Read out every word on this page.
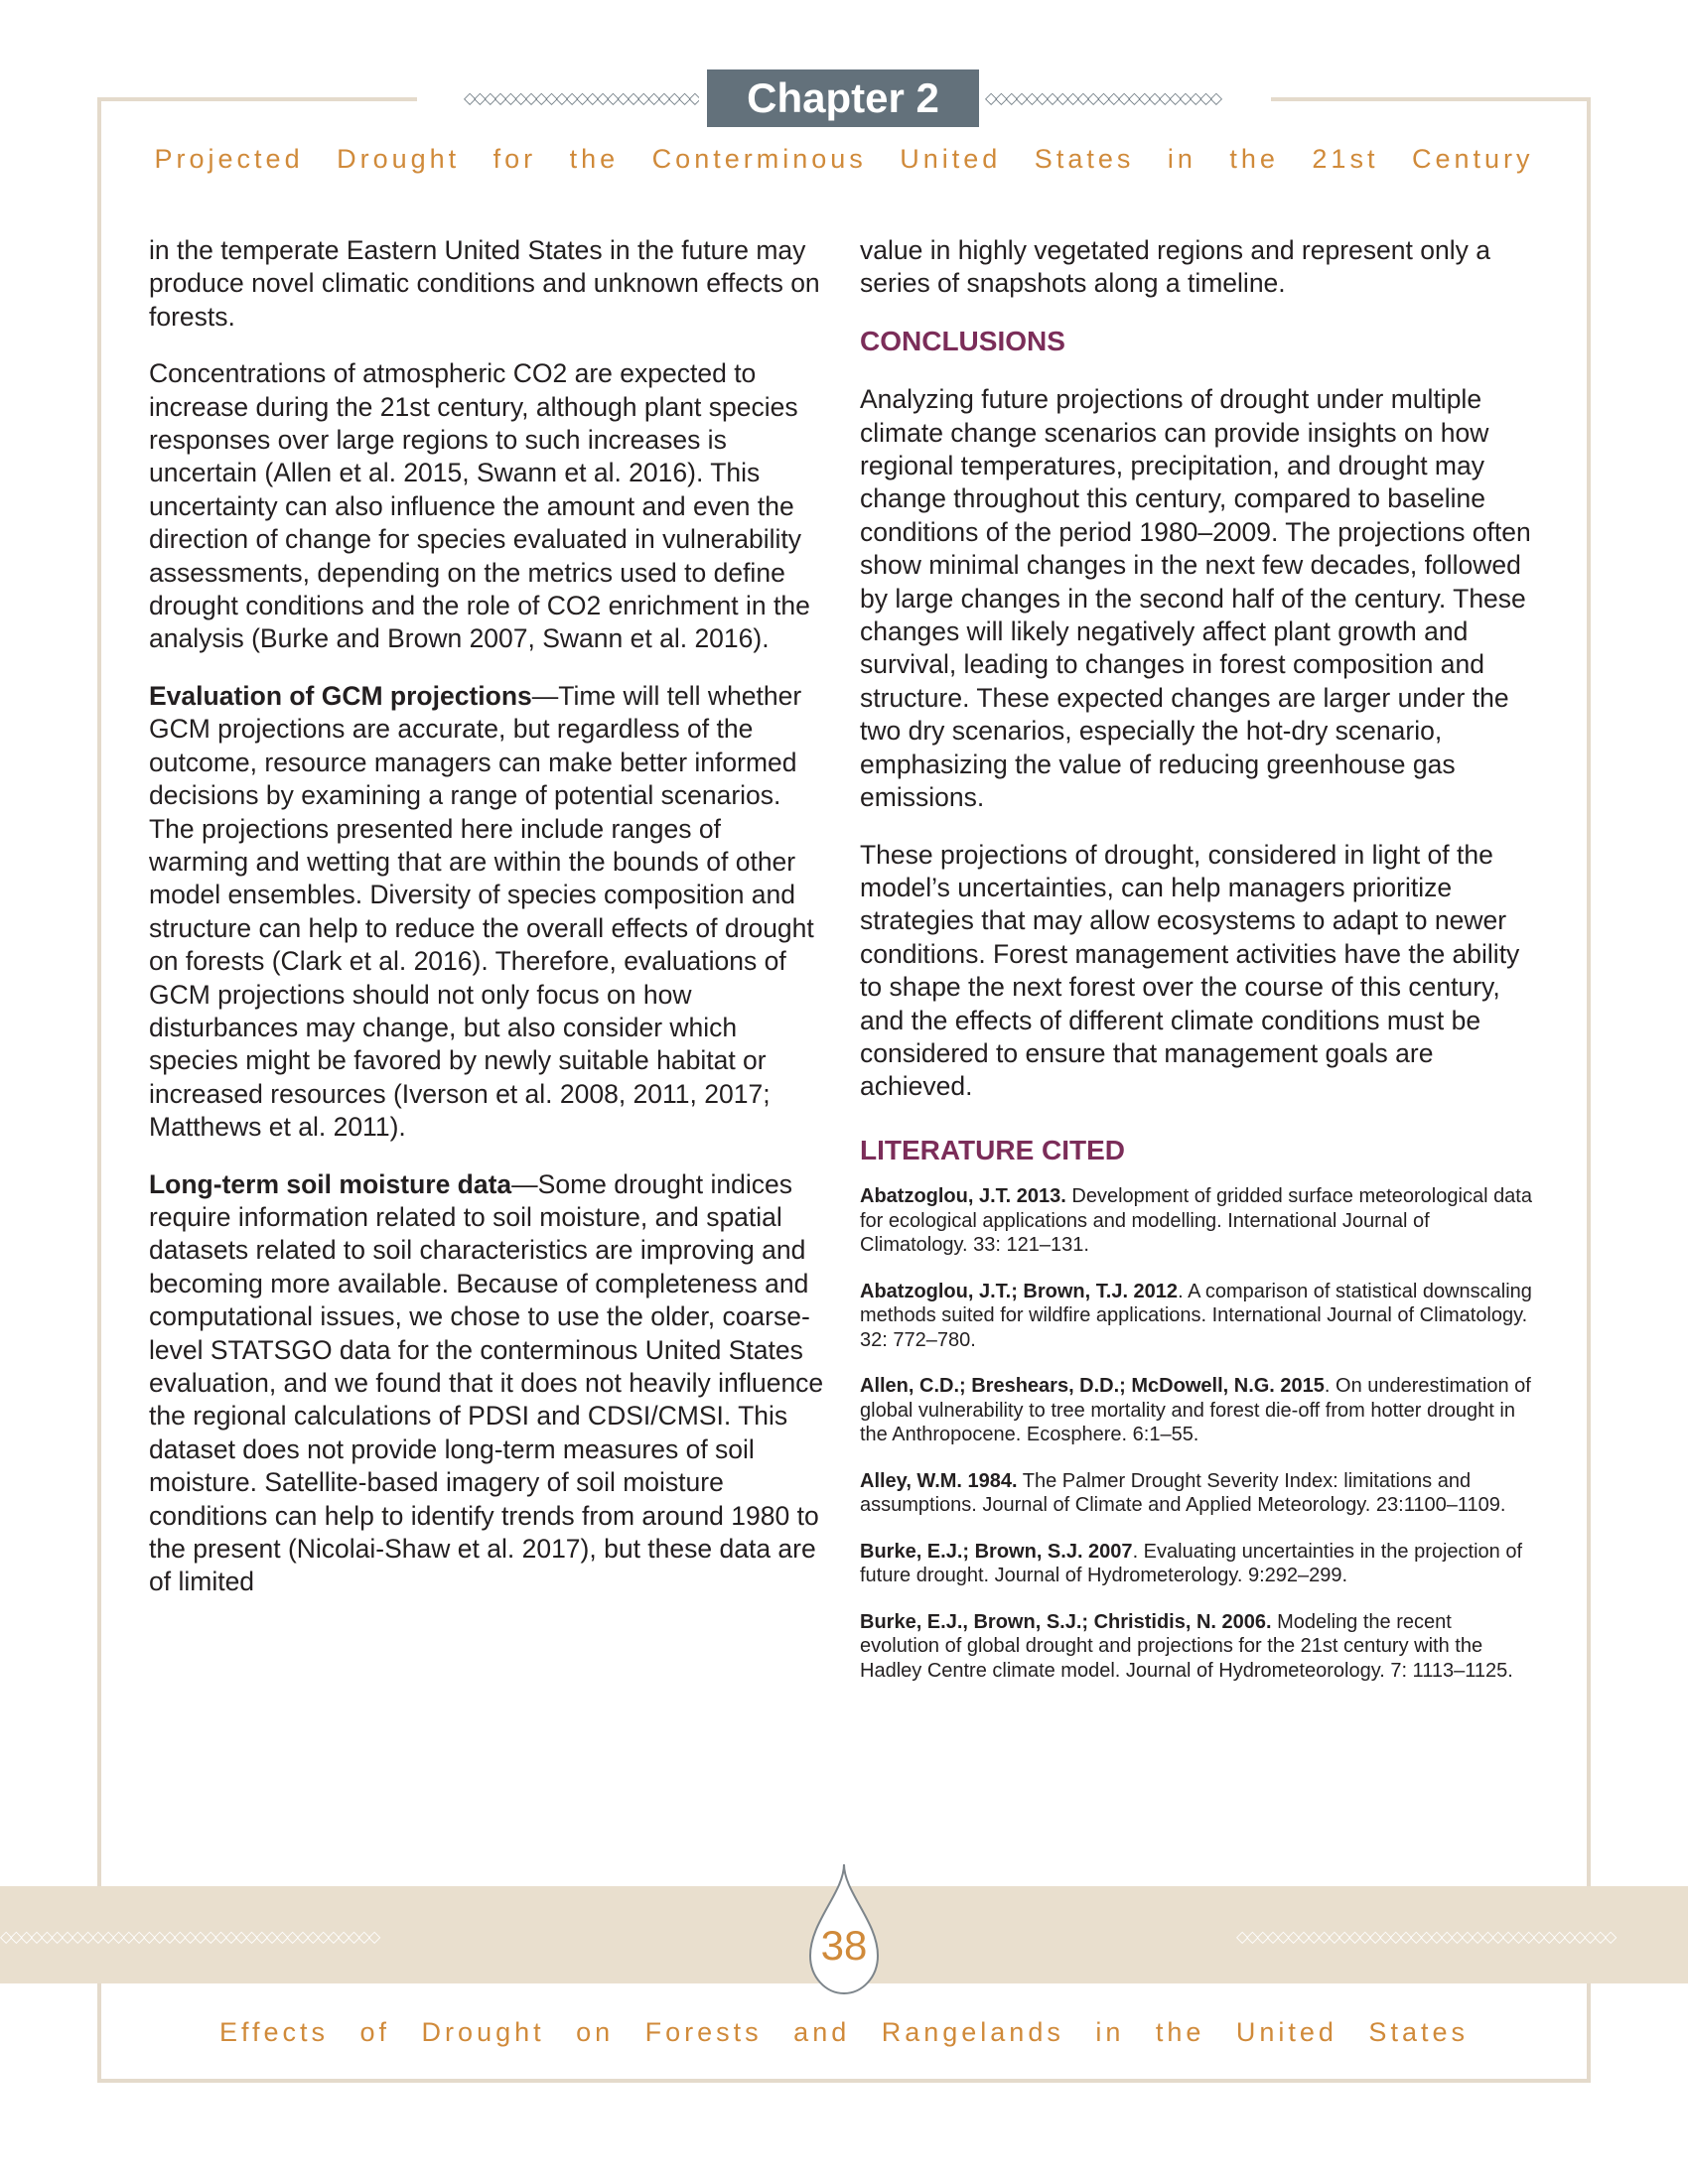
◇◇◇◇◇◇◇◇◇◇◇◇◇◇◇◇◇◇◇◇◇◇◇	Chapter 2	◇◇◇◇◇◇◇◇◇◇◇◇◇◇◇◇◇◇◇◇◇◇◇
Projected Drought for the Conterminous United States in the 21st Century

in the temperate Eastern United States in the future may produce novel climatic conditions and unknown effects on forests.

Concentrations of atmospheric CO2 are expected to increase during the 21st century, although plant species responses over large regions to such increases is uncertain (Allen et al. 2015, Swann et al. 2016). This uncertainty can also influence the amount and even the direction of change for species evaluated in vulnerability assessments, depending on the metrics used to define drought conditions and the role of CO2 enrichment in the analysis (Burke and Brown 2007, Swann et al. 2016).

Evaluation of GCM projections—Time will tell whether GCM projections are accurate, but regardless of the outcome, resource managers can make better informed decisions by examining a range of potential scenarios. The projections presented here include ranges of warming and wetting that are within the bounds of other model ensembles. Diversity of species composition and structure can help to reduce the overall effects of drought on forests (Clark et al. 2016). Therefore, evaluations of GCM projections should not only focus on how disturbances may change, but also consider which species might be favored by newly suitable habitat or increased resources (Iverson et al. 2008, 2011, 2017; Matthews et al. 2011).

Long-term soil moisture data—Some drought indices require information related to soil moisture, and spatial datasets related to soil characteristics are improving and becoming more available. Because of completeness and computational issues, we chose to use the older, coarse-level STATSGO data for the conterminous United States evaluation, and we found that it does not heavily influence the regional calculations of PDSI and CDSI/CMSI. This dataset does not provide long-term measures of soil moisture. Satellite-based imagery of soil moisture conditions can help to identify trends from around 1980 to the present (Nicolai-Shaw et al. 2017), but these data are of limited

value in highly vegetated regions and represent only a series of snapshots along a timeline.

CONCLUSIONS

Analyzing future projections of drought under multiple climate change scenarios can provide insights on how regional temperatures, precipitation, and drought may change throughout this century, compared to baseline conditions of the period 1980–2009. The projections often show minimal changes in the next few decades, followed by large changes in the second half of the century. These changes will likely negatively affect plant growth and survival, leading to changes in forest composition and structure. These expected changes are larger under the two dry scenarios, especially the hot-dry scenario, emphasizing the value of reducing greenhouse gas emissions.

These projections of drought, considered in light of the model’s uncertainties, can help managers prioritize strategies that may allow ecosystems to adapt to newer conditions. Forest management activities have the ability to shape the next forest over the course of this century, and the effects of different climate conditions must be considered to ensure that management goals are achieved.

LITERATURE CITED
Abatzoglou, J.T. 2013. Development of gridded surface meteorological data for ecological applications and modelling. International Journal of Climatology. 33: 121–131.
Abatzoglou, J.T.; Brown, T.J. 2012. A comparison of statistical downscaling methods suited for wildfire applications. International Journal of Climatology. 32: 772–780.
Allen, C.D.; Breshears, D.D.; McDowell, N.G. 2015. On underestimation of global vulnerability to tree mortality and forest die-off from hotter drought in the Anthropocene. Ecosphere. 6:1–55.
Alley, W.M. 1984. The Palmer Drought Severity Index: limitations and assumptions. Journal of Climate and Applied Meteorology. 23:1100–1109.
Burke, E.J.; Brown, S.J. 2007. Evaluating uncertainties in the projection of future drought. Journal of Hydrometerology. 9:292–299.
Burke, E.J., Brown, S.J.; Christidis, N. 2006. Modeling the recent evolution of global drought and projections for the 21st century with the Hadley Centre climate model. Journal of Hydrometeorology. 7: 1113–1125.
◇◇◇◇◇◇◇◇◇◇◇◇◇◇◇◇◇◇◇◇◇◇◇◇◇◇◇◇◇◇◇◇◇◇◇◇◇	◇◇◇◇◇◇◇◇◇◇◇◇◇◇◇◇◇◇◇◇◇◇◇◇◇◇◇◇◇◇◇◇◇◇◇◇◇
38
Effects of Drought on Forests and Rangelands in the United States
